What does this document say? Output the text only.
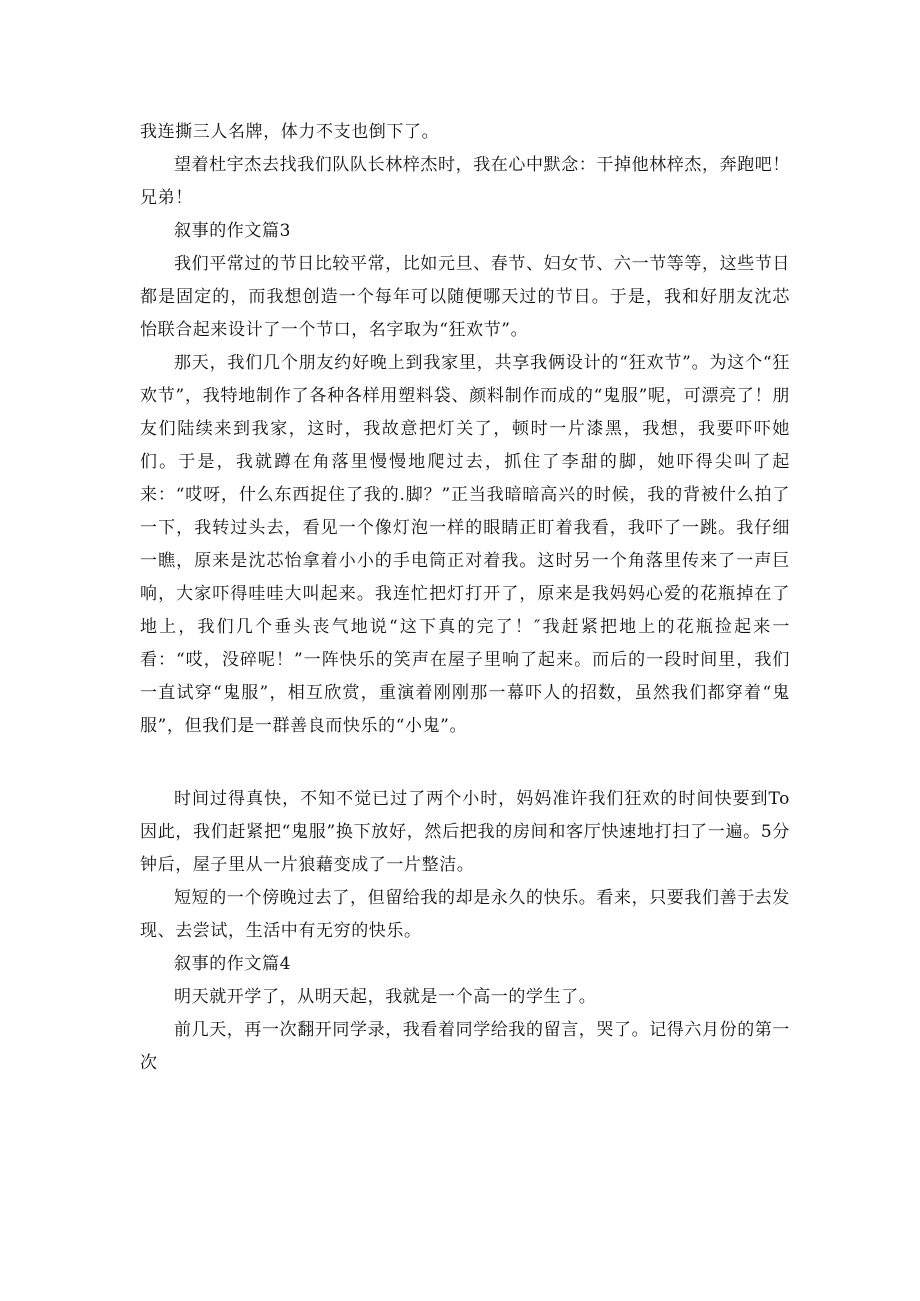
我连撕三人名牌，体力不支也倒下了。

望着杜宇杰去找我们队队长林梓杰时，我在心中默念：干掉他林梓杰，奔跑吧！兄弟！

叙事的作文篇3

我们平常过的节日比较平常，比如元旦、春节、妇女节、六一节等等，这些节日都是固定的，而我想创造一个每年可以随便哪天过的节日。于是，我和好朋友沈芯怡联合起来设计了一个节口，名字取为“狂欢节”。

那天，我们几个朋友约好晚上到我家里，共享我俩设计的“狂欢节”。为这个“狂欢节”，我特地制作了各种各样用塑料袋、颜料制作而成的“鬼服”呢，可漂亮了！朋友们陆续来到我家，这时，我故意把灯关了，顿时一片漆黑，我想，我要吓吓她们。于是，我就蹲在角落里慢慢地爬过去，抓住了李甜的脚，她吓得尖叫了起来：“哎呀，什么东西捉住了我的.脚？”正当我暗暗高兴的时候，我的背被什么拍了一下，我转过头去，看见一个像灯泡一样的眼睛正盯着我看，我吓了一跳。我仔细一瞧，原来是沈芯怡拿着小小的手电筒正对着我。这时另一个角落里传来了一声巨响，大家吓得哇哇大叫起来。我连忙把灯打开了，原来是我妈妈心爱的花瓶掉在了地上，我们几个垂头丧气地说“这下真的完了！″我赶紧把地上的花瓶捡起来一看：“哎，没碎呢！”一阵快乐的笑声在屋子里响了起来。而后的一段时间里，我们一直试穿“鬼服”，相互欣赏，重演着刚刚那一幕吓人的招数，虽然我们都穿着“鬼服”，但我们是一群善良而快乐的“小鬼”。

时间过得真快，不知不觉已过了两个小时，妈妈准许我们狂欢的时间快要到To因此，我们赶紧把“鬼服”换下放好，然后把我的房间和客厅快速地打扫了一遍。5分钟后，屋子里从一片狼藉变成了一片整洁。

短短的一个傍晚过去了，但留给我的却是永久的快乐。看来，只要我们善于去发现、去尝试，生活中有无穷的快乐。

叙事的作文篇4

明天就开学了，从明天起，我就是一个高一的学生了。

前几天，再一次翻开同学录，我看着同学给我的留言，哭了。记得六月份的第一次
